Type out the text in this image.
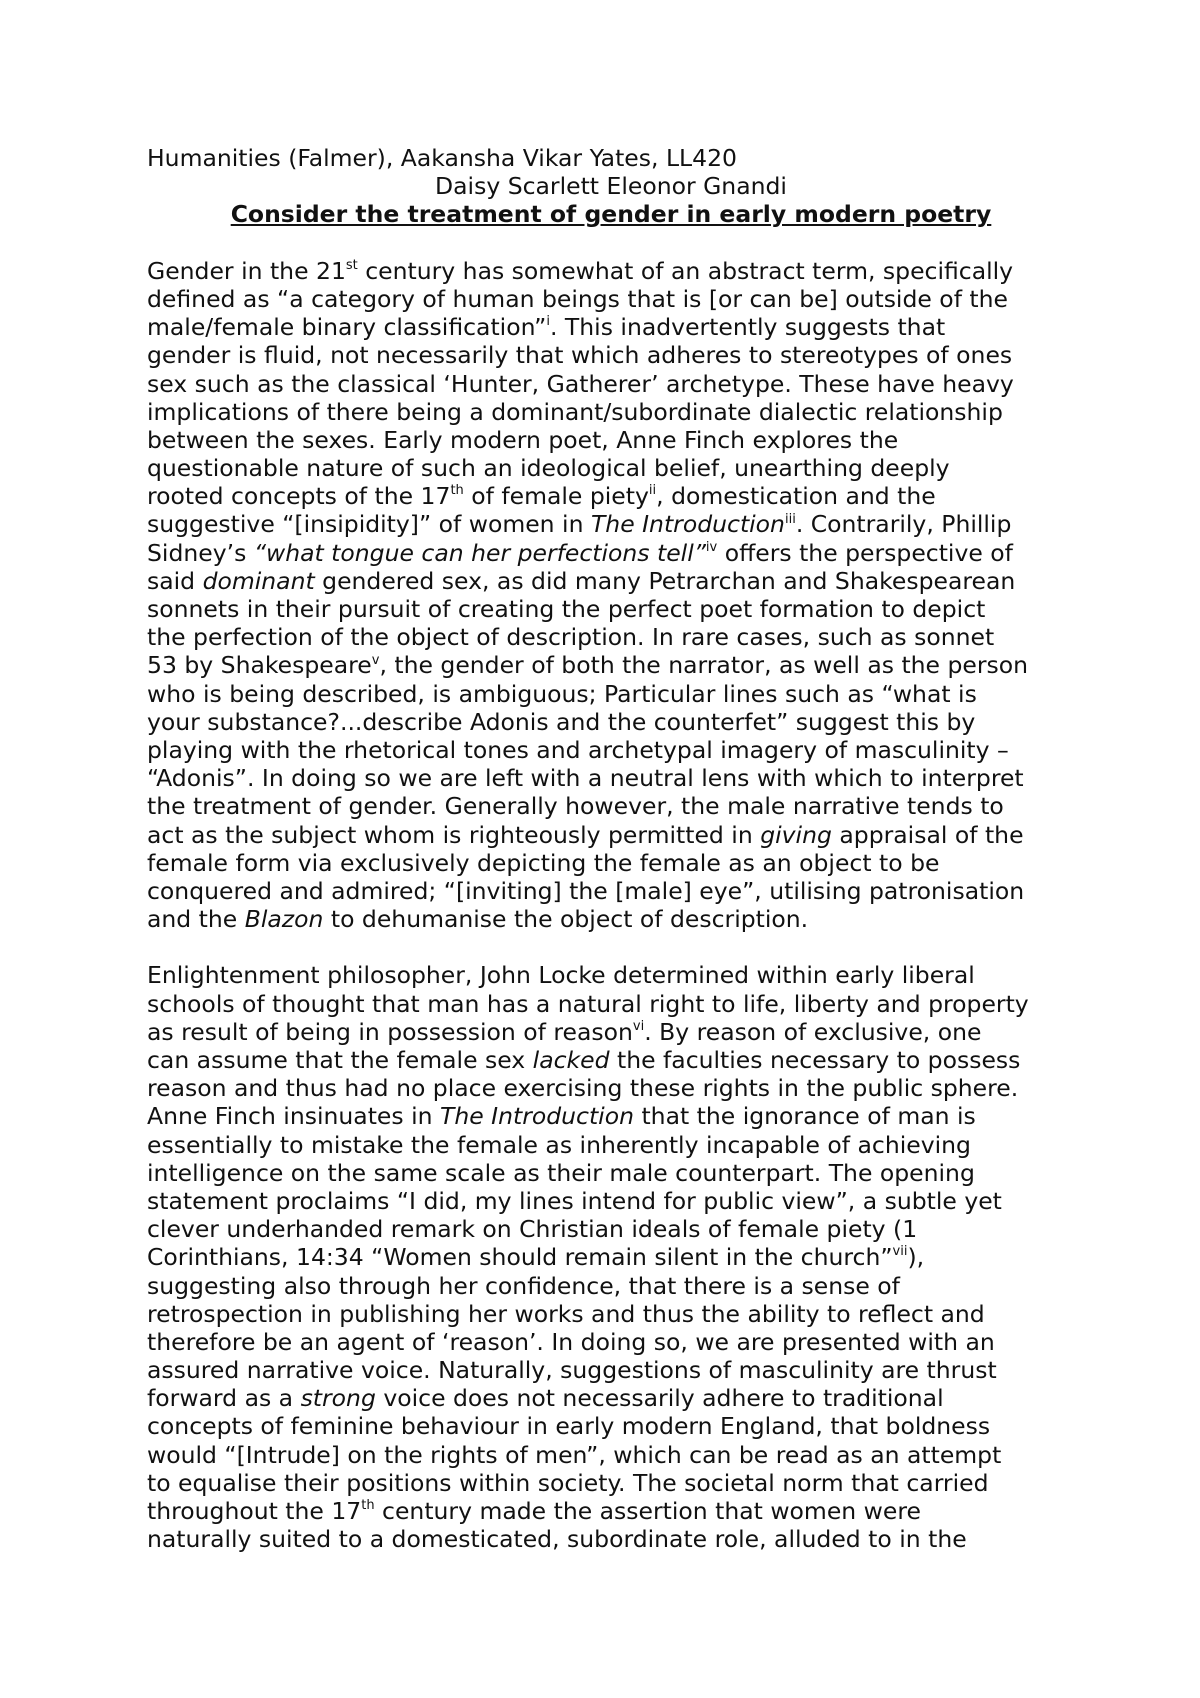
Humanities (Falmer), Aakansha Vikar Yates, LL420
Daisy Scarlett Eleonor Gnandi
Consider the treatment of gender in early modern poetry
Gender in the 21st century has somewhat of an abstract term, specifically
defined as “a category of human beings that is [or can be] outside of the
male/female binary classification”$^i$. This inadvertently suggests that
gender is fluid, not necessarily that which adheres to stereotypes of ones
sex such as the classical ‘Hunter, Gatherer’ archetype. These have heavy
implications of there being a dominant/subordinate dialectic relationship
between the sexes. Early modern poet, Anne Finch explores the
questionable nature of such an ideological belief, unearthing deeply
rooted concepts of the 17th of female piety$^{ii}$, domestication and the
suggestive “[insipidity]” of women in The Introduction$^{iii}$. Contrarily, Phillip
Sidney’s “what tongue can her perfections tell”$^{iv}$ offers the perspective of
said dominant gendered sex, as did many Petrarchan and Shakespearean
sonnets in their pursuit of creating the perfect poet formation to depict
the perfection of the object of description. In rare cases, such as sonnet
53 by Shakespeare$^v$, the gender of both the narrator, as well as the person
who is being described, is ambiguous; Particular lines such as “what is
your substance?...describe Adonis and the counterfet” suggest this by
playing with the rhetorical tones and archetypal imagery of masculinity –
“Adonis”. In doing so we are left with a neutral lens with which to interpret
the treatment of gender. Generally however, the male narrative tends to
act as the subject whom is righteously permitted in giving appraisal of the
female form via exclusively depicting the female as an object to be
conquered and admired; “[inviting] the [male] eye”, utilising patronisation
and the Blazon to dehumanise the object of description.
Enlightenment philosopher, John Locke determined within early liberal
schools of thought that man has a natural right to life, liberty and property
as result of being in possession of reason$^{vi}$. By reason of exclusive, one
can assume that the female sex lacked the faculties necessary to possess
reason and thus had no place exercising these rights in the public sphere.
Anne Finch insinuates in The Introduction that the ignorance of man is
essentially to mistake the female as inherently incapable of achieving
intelligence on the same scale as their male counterpart. The opening
statement proclaims “I did, my lines intend for public view”, a subtle yet
clever underhanded remark on Christian ideals of female piety (1
Corinthians, 14:34 “Women should remain silent in the church”$^{vii}$),
suggesting also through her confidence, that there is a sense of
retrospection in publishing her works and thus the ability to reflect and
therefore be an agent of ‘reason’. In doing so, we are presented with an
assured narrative voice. Naturally, suggestions of masculinity are thrust
forward as a strong voice does not necessarily adhere to traditional
concepts of feminine behaviour in early modern England, that boldness
would “[Intrude] on the rights of men”, which can be read as an attempt
to equalise their positions within society. The societal norm that carried
throughout the 17th century made the assertion that women were
naturally suited to a domesticated, subordinate role, alluded to in the
